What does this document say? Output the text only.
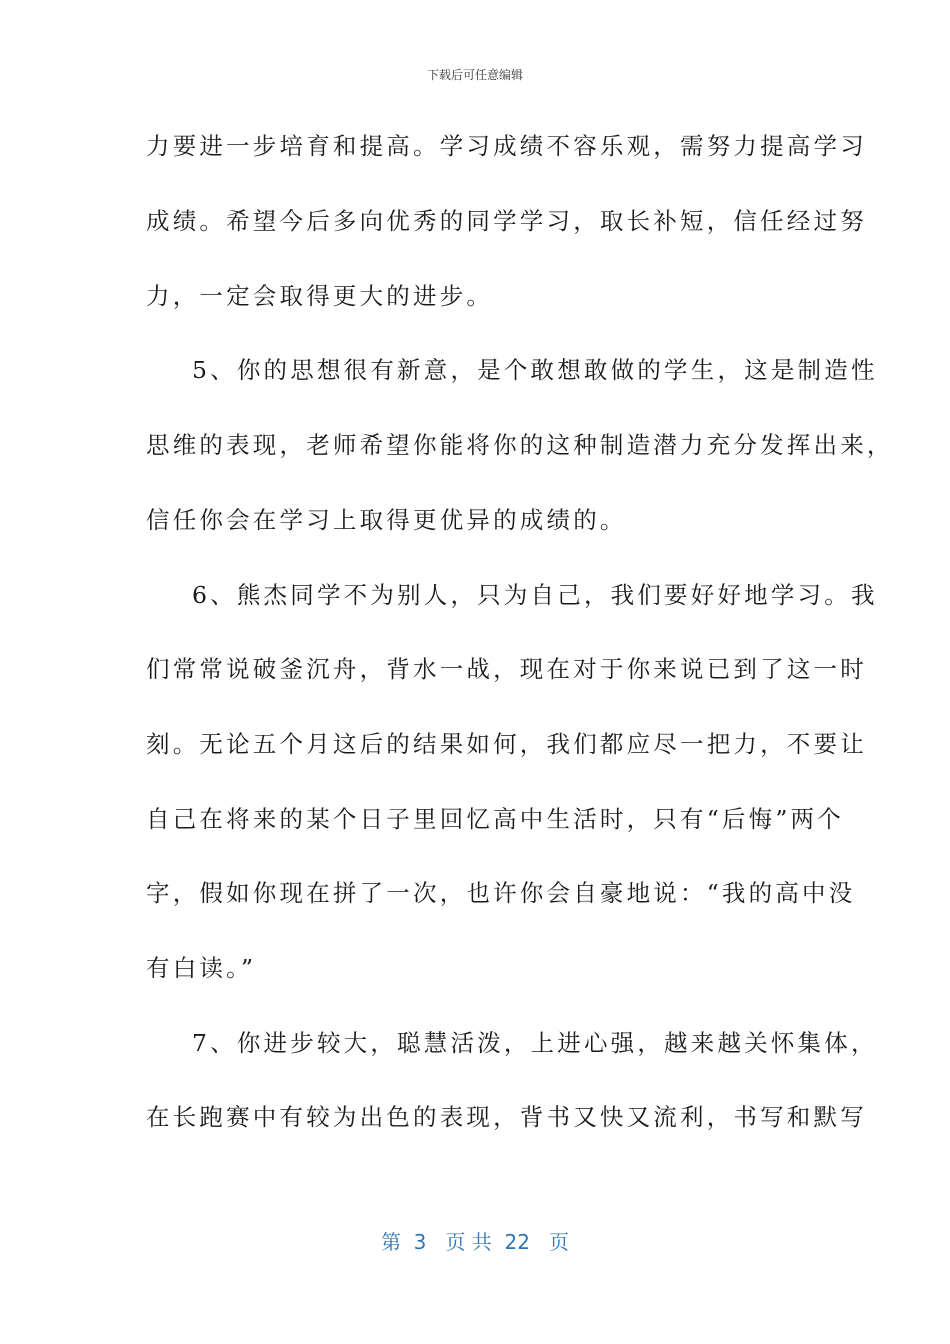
下载后可任意编辑
力要进一步培育和提高。学习成绩不容乐观，需努力提高学习
成绩。希望今后多向优秀的同学学习，取长补短，信任经过努
力，一定会取得更大的进步。
5、你的思想很有新意，是个敢想敢做的学生，这是制造性
思维的表现，老师希望你能将你的这种制造潜力充分发挥出来，
信任你会在学习上取得更优异的成绩的。
6、熊杰同学不为别人，只为自己，我们要好好地学习。我
们常常说破釜沉舟，背水一战，现在对于你来说已到了这一时
刻。无论五个月这后的结果如何，我们都应尽一把力，不要让
自己在将来的某个日子里回忆高中生活时，只有“后悔”两个
字，假如你现在拼了一次，也许你会自豪地说：“我的高中没
有白读。”
7、你进步较大，聪慧活泼，上进心强，越来越关怀集体，
在长跑赛中有较为出色的表现，背书又快又流利，书写和默写
第  3   页 共  22   页
